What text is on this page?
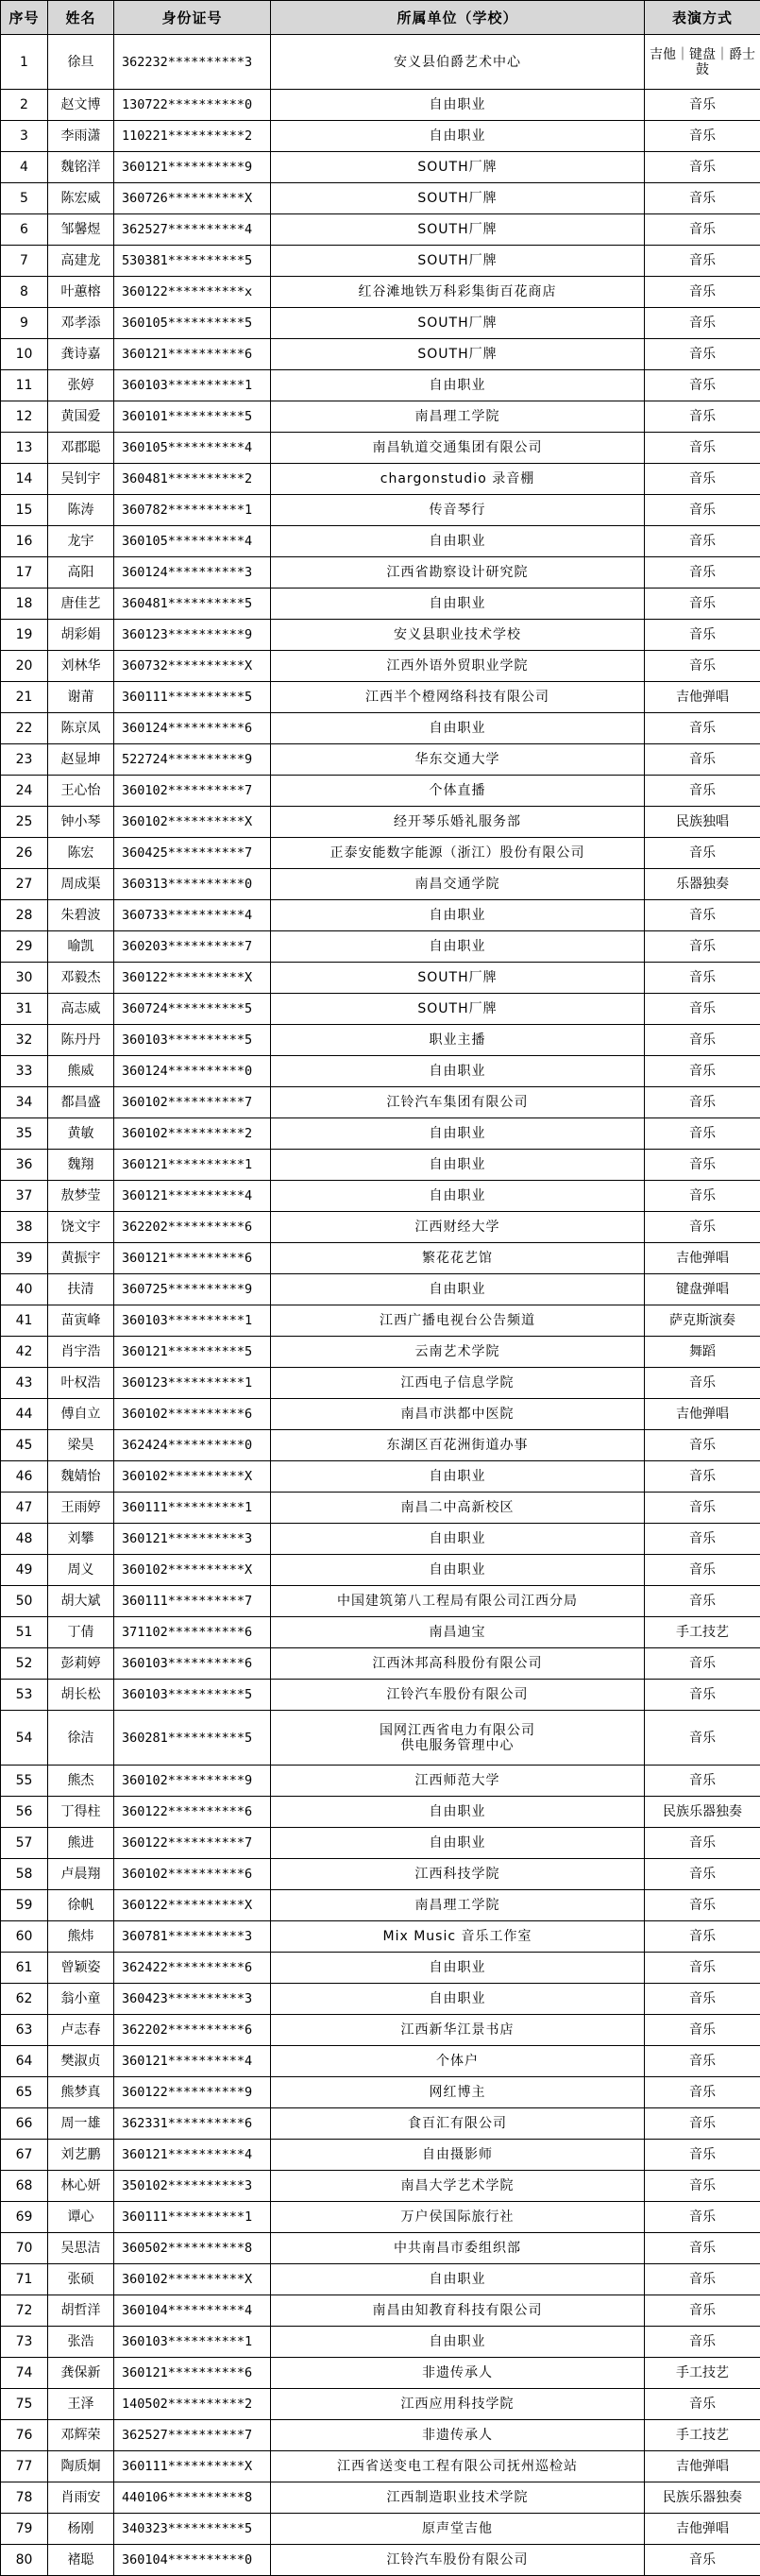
序号	姓名	身份证号	所属单位（学校）	表演方式
1	徐旦	362232**********3	安义县伯爵艺术中心	吉他｜键盘｜爵士鼓
2	赵文博	130722**********0	自由职业	音乐
3	李雨潇	110221**********2	自由职业	音乐
4	魏铭洋	360121**********9	SOUTH厂牌	音乐
5	陈宏威	360726**********X	SOUTH厂牌	音乐
6	邹馨煜	362527**********4	SOUTH厂牌	音乐
7	高建龙	530381**********5	SOUTH厂牌	音乐
8	叶蕙榕	360122**********x	红谷滩地铁万科彩集街百花商店	音乐
9	邓孝添	360105**********5	SOUTH厂牌	音乐
10	龚诗嘉	360121**********6	SOUTH厂牌	音乐
11	张婷	360103**********1	自由职业	音乐
12	黄国爱	360101**********5	南昌理工学院	音乐
13	邓郡聪	360105**********4	南昌轨道交通集团有限公司	音乐
14	吴钊宇	360481**********2	chargonstudio 录音棚	音乐
15	陈涛	360782**********1	传音琴行	音乐
16	龙宇	360105**********4	自由职业	音乐
17	高阳	360124**********3	江西省勘察设计研究院	音乐
18	唐佳艺	360481**********5	自由职业	音乐
19	胡彩娟	360123**********9	安义县职业技术学校	音乐
20	刘林华	360732**********X	江西外语外贸职业学院	音乐
21	谢莆	360111**********5	江西半个橙网络科技有限公司	吉他弹唱
22	陈京凤	360124**********6	自由职业	音乐
23	赵显坤	522724**********9	华东交通大学	音乐
24	王心怡	360102**********7	个体直播	音乐
25	钟小琴	360102**********X	经开琴乐婚礼服务部	民族独唱
26	陈宏	360425**********7	正泰安能数字能源（浙江）股份有限公司	音乐
27	周成渠	360313**********0	南昌交通学院	乐器独奏
28	朱碧波	360733**********4	自由职业	音乐
29	喻凯	360203**********7	自由职业	音乐
30	邓毅杰	360122**********X	SOUTH厂牌	音乐
31	高志威	360724**********5	SOUTH厂牌	音乐
32	陈丹丹	360103**********5	职业主播	音乐
33	熊威	360124**********0	自由职业	音乐
34	都昌盛	360102**********7	江铃汽车集团有限公司	音乐
35	黄敏	360102**********2	自由职业	音乐
36	魏翔	360121**********1	自由职业	音乐
37	敖梦莹	360121**********4	自由职业	音乐
38	饶文宇	362202**********6	江西财经大学	音乐
39	黄振宇	360121**********6	繁花花艺馆	吉他弹唱
40	扶清	360725**********9	自由职业	键盘弹唱
41	苗寅峰	360103**********1	江西广播电视台公告频道	萨克斯演奏
42	肖宇浩	360121**********5	云南艺术学院	舞蹈
43	叶权浩	360123**********1	江西电子信息学院	音乐
44	傅自立	360102**********6	南昌市洪都中医院	吉他弹唱
45	梁昊	362424**********0	东湖区百花洲街道办事	音乐
46	魏婧怡	360102**********X	自由职业	音乐
47	王雨婷	360111**********1	南昌二中高新校区	音乐
48	刘攀	360121**********3	自由职业	音乐
49	周义	360102**********X	自由职业	音乐
50	胡大斌	360111**********7	中国建筑第八工程局有限公司江西分局	音乐
51	丁倩	371102**********6	南昌迪宝	手工技艺
52	彭莉婷	360103**********6	江西沐邦高科股份有限公司	音乐
53	胡长松	360103**********5	江铃汽车股份有限公司	音乐
54	徐洁	360281**********5	国网江西省电力有限公司
供电服务管理中心	音乐
55	熊杰	360102**********9	江西师范大学	音乐
56	丁得柱	360122**********6	自由职业	民族乐器独奏
57	熊进	360122**********7	自由职业	音乐
58	卢晨翔	360102**********6	江西科技学院	音乐
59	徐帆	360122**********X	南昌理工学院	音乐
60	熊炜	360781**********3	Mix Music 音乐工作室	音乐
61	曾颖姿	362422**********6	自由职业	音乐
62	翁小童	360423**********3	自由职业	音乐
63	卢志春	362202**********6	江西新华江景书店	音乐
64	樊淑贞	360121**********4	个体户	音乐
65	熊梦真	360122**********9	网红博主	音乐
66	周一雄	362331**********6	食百汇有限公司	音乐
67	刘艺鹏	360121**********4	自由摄影师	音乐
68	林心妍	350102**********3	南昌大学艺术学院	音乐
69	谭心	360111**********1	万户侯国际旅行社	音乐
70	吴思洁	360502**********8	中共南昌市委组织部	音乐
71	张硕	360102**********X	自由职业	音乐
72	胡哲洋	360104**********4	南昌由知教育科技有限公司	音乐
73	张浩	360103**********1	自由职业	音乐
74	龚保新	360121**********6	非遗传承人	手工技艺
75	王泽	140502**********2	江西应用科技学院	音乐
76	邓辉荣	362527**********7	非遗传承人	手工技艺
77	陶质炯	360111**********X	江西省送变电工程有限公司抚州巡检站	吉他弹唱
78	肖雨安	440106**********8	江西制造职业技术学院	民族乐器独奏
79	杨刚	340323**********5	原声堂吉他	吉他弹唱
80	褚聪	360104**********0	江铃汽车股份有限公司	音乐
